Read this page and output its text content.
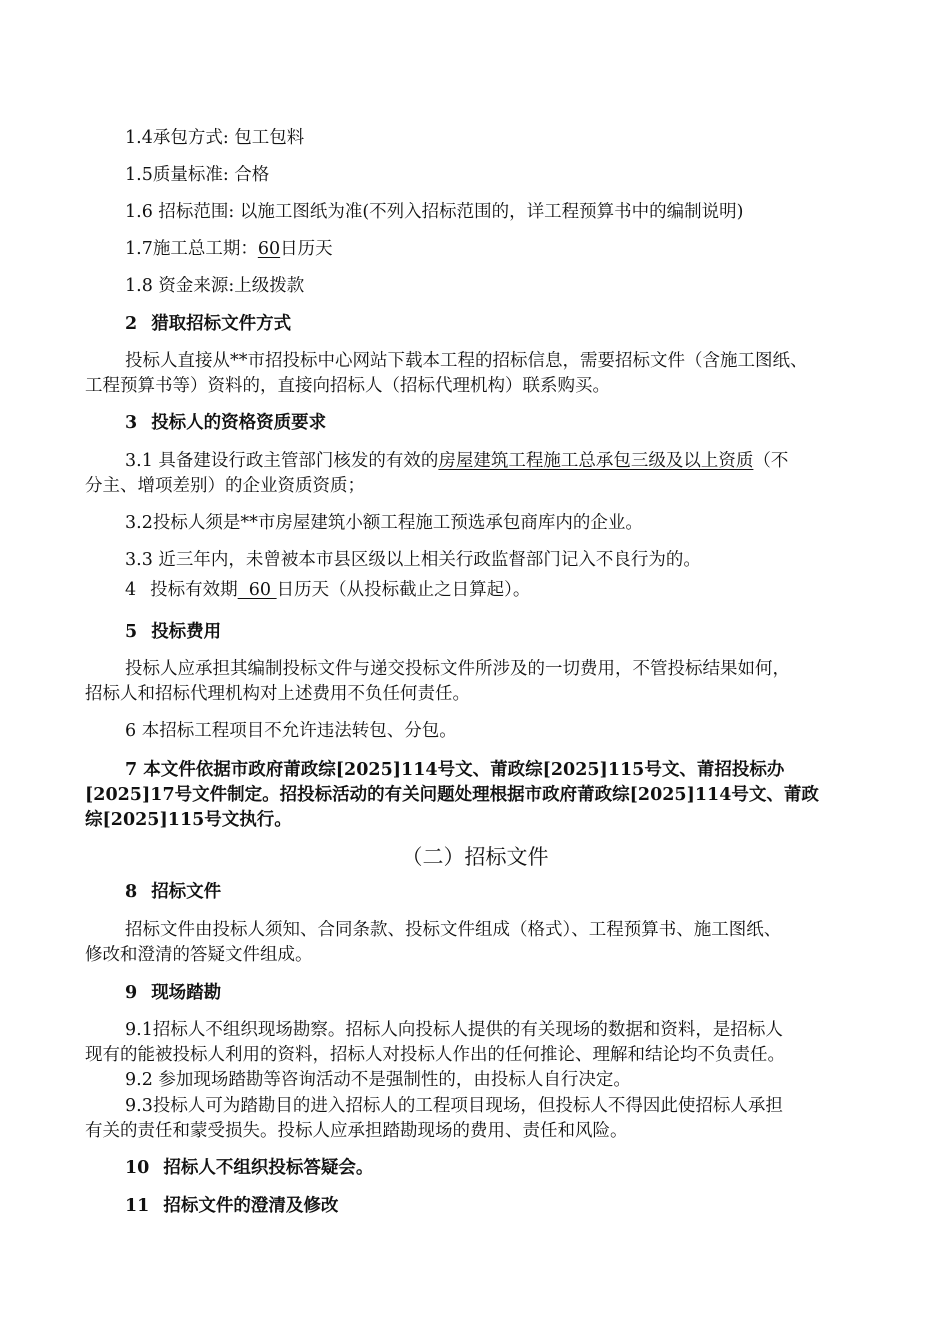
1.4承包方式: 包工包料
1.5质量标准: 合格
1.6 招标范围: 以施工图纸为准(不列入招标范围的，详工程预算书中的编制说明)
1.7施工总工期：60日历天
1.8 资金来源:上级拨款
2 猎取招标文件方式
投标人直接从**市招投标中心网站下载本工程的招标信息，需要招标文件（含施工图纸、
工程预算书等）资料的，直接向招标人（招标代理机构）联系购买。
3 投标人的资格资质要求
3.1 具备建设行政主管部门核发的有效的房屋建筑工程施工总承包三级及以上资质（不
分主、增项差别）的企业资质资质；
3.2投标人须是**市房屋建筑小额工程施工预选承包商库内的企业。
3.3 近三年内，未曾被本市县区级以上相关行政监督部门记入不良行为的。
4 投标有效期  60 日历天（从投标截止之日算起）。
5 投标费用
投标人应承担其编制投标文件与递交投标文件所涉及的一切费用，不管投标结果如何，
招标人和招标代理机构对上述费用不负任何责任。
6 本招标工程项目不允许违法转包、分包。
7 本文件依据市政府莆政综[2025]114号文、莆政综[2025]115号文、莆招投标办
[2025]17号文件制定。招投标活动的有关问题处理根据市政府莆政综[2025]114号文、莆政
综[2025]115号文执行。
（二）招标文件
8 招标文件
招标文件由投标人须知、合同条款、投标文件组成（格式）、工程预算书、施工图纸、
修改和澄清的答疑文件组成。
9 现场踏勘
9.1招标人不组织现场勘察。招标人向投标人提供的有关现场的数据和资料，是招标人
现有的能被投标人利用的资料，招标人对投标人作出的任何推论、理解和结论均不负责任。
9.2 参加现场踏勘等咨询活动不是强制性的，由投标人自行决定。
9.3投标人可为踏勘目的进入招标人的工程项目现场，但投标人不得因此使招标人承担
有关的责任和蒙受损失。投标人应承担踏勘现场的费用、责任和风险。
10 招标人不组织投标答疑会。
11 招标文件的澄清及修改
